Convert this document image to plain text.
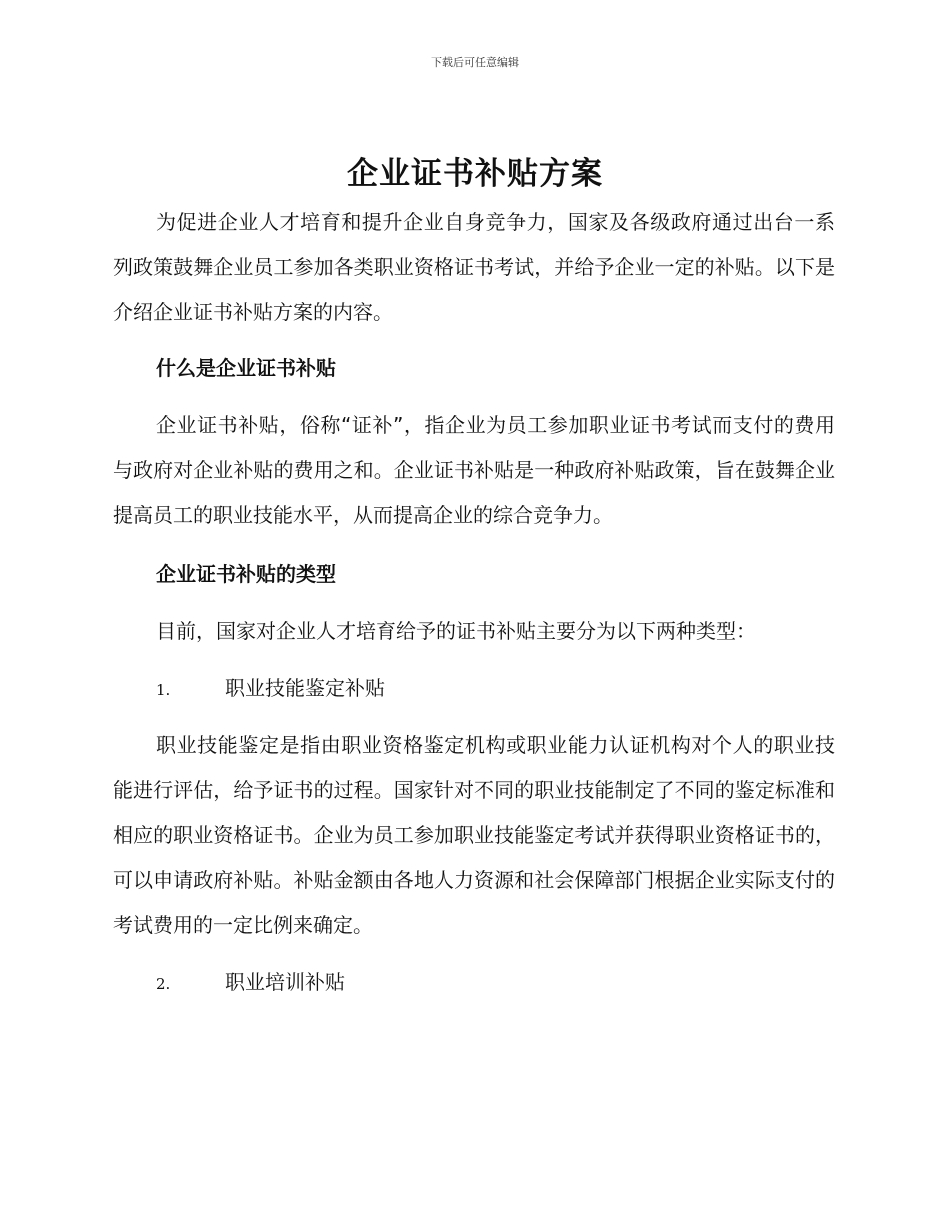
下载后可任意编辑
企业证书补贴方案
为促进企业人才培育和提升企业自身竞争力，国家及各级政府通过出台一系列政策鼓舞企业员工参加各类职业资格证书考试，并给予企业一定的补贴。以下是介绍企业证书补贴方案的内容。
什么是企业证书补贴
企业证书补贴，俗称“证补”，指企业为员工参加职业证书考试而支付的费用与政府对企业补贴的费用之和。企业证书补贴是一种政府补贴政策，旨在鼓舞企业提高员工的职业技能水平，从而提高企业的综合竞争力。
企业证书补贴的类型
目前，国家对企业人才培育给予的证书补贴主要分为以下两种类型：
1.	职业技能鉴定补贴
职业技能鉴定是指由职业资格鉴定机构或职业能力认证机构对个人的职业技能进行评估，给予证书的过程。国家针对不同的职业技能制定了不同的鉴定标准和相应的职业资格证书。企业为员工参加职业技能鉴定考试并获得职业资格证书的，可以申请政府补贴。补贴金额由各地人力资源和社会保障部门根据企业实际支付的考试费用的一定比例来确定。
2.	职业培训补贴
